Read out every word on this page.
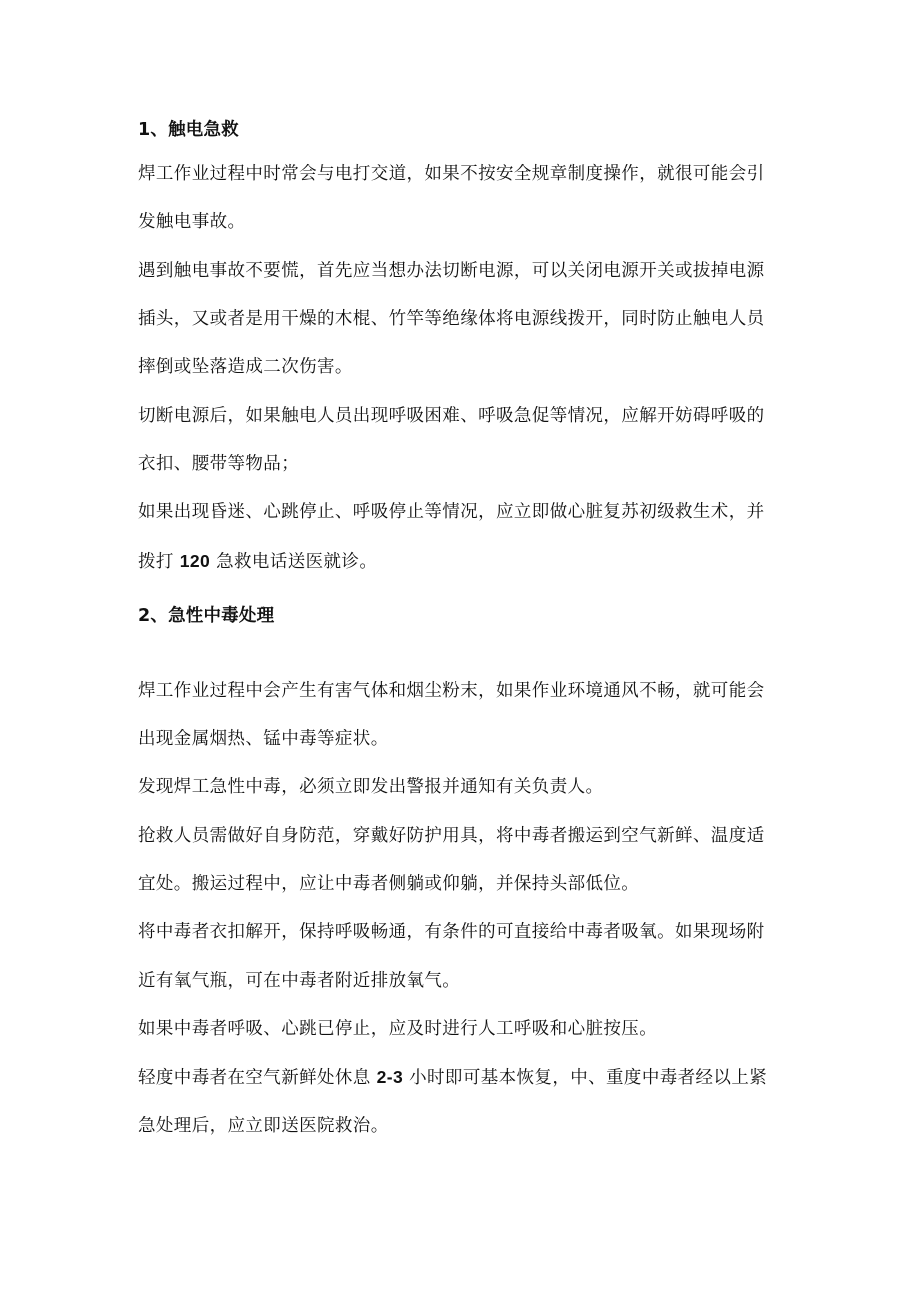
1、触电急救
焊工作业过程中时常会与电打交道，如果不按安全规章制度操作，就很可能会引
发触电事故。
遇到触电事故不要慌，首先应当想办法切断电源，可以关闭电源开关或拔掉电源
插头，又或者是用干燥的木棍、竹竿等绝缘体将电源线拨开，同时防止触电人员
摔倒或坠落造成二次伤害。
切断电源后，如果触电人员出现呼吸困难、呼吸急促等情况，应解开妨碍呼吸的
衣扣、腰带等物品；
如果出现昏迷、心跳停止、呼吸停止等情况，应立即做心脏复苏初级救生术，并
拨打 120 急救电话送医就诊。
2、急性中毒处理
焊工作业过程中会产生有害气体和烟尘粉末，如果作业环境通风不畅，就可能会
出现金属烟热、锰中毒等症状。
发现焊工急性中毒，必须立即发出警报并通知有关负责人。
抢救人员需做好自身防范，穿戴好防护用具，将中毒者搬运到空气新鲜、温度适
宜处。搬运过程中，应让中毒者侧躺或仰躺，并保持头部低位。
将中毒者衣扣解开，保持呼吸畅通，有条件的可直接给中毒者吸氧。如果现场附
近有氧气瓶，可在中毒者附近排放氧气。
如果中毒者呼吸、心跳已停止，应及时进行人工呼吸和心脏按压。
轻度中毒者在空气新鲜处休息 2-3 小时即可基本恢复，中、重度中毒者经以上紧
急处理后，应立即送医院救治。
